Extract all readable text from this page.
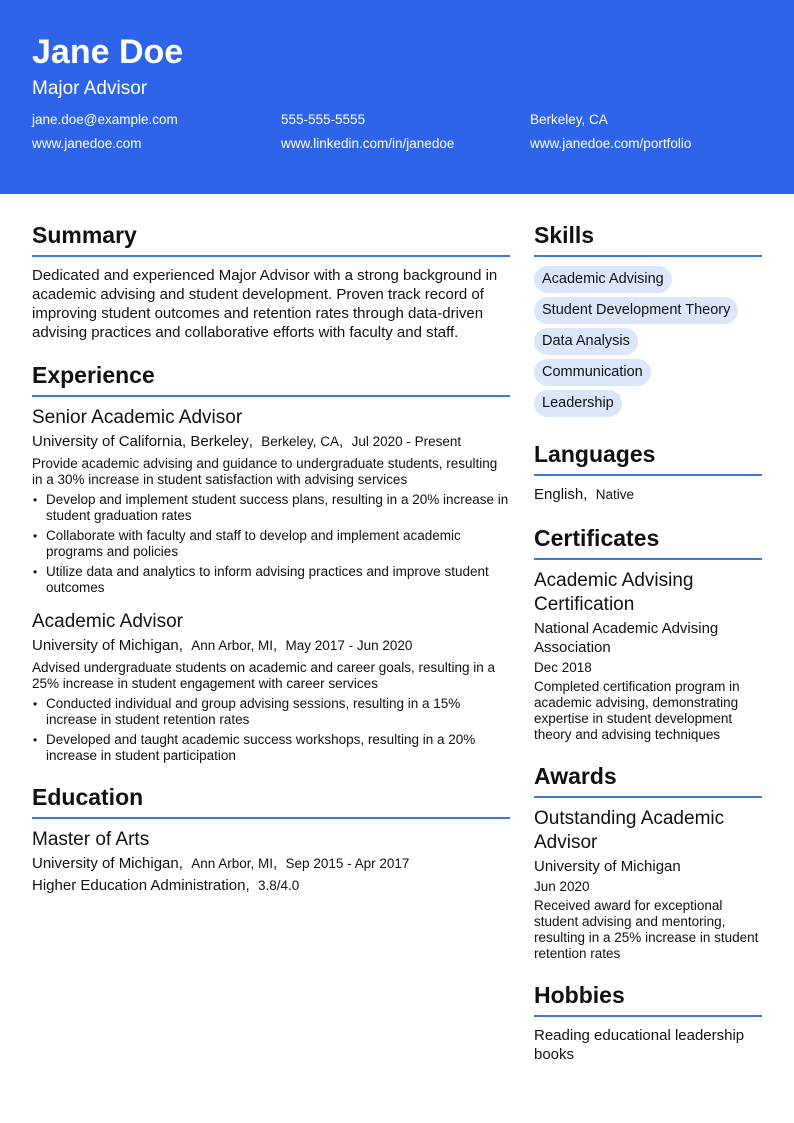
Jane Doe
Major Advisor
jane.doe@example.com	555-555-5555	Berkeley, CA
www.janedoe.com	www.linkedin.com/in/janedoe	www.janedoe.com/portfolio
Summary
Dedicated and experienced Major Advisor with a strong background in academic advising and student development. Proven track record of improving student outcomes and retention rates through data-driven advising practices and collaborative efforts with faculty and staff.
Experience
Senior Academic Advisor
University of California, Berkeley,  Berkeley, CA,  Jul 2020 - Present
Provide academic advising and guidance to undergraduate students, resulting in a 30% increase in student satisfaction with advising services
• Develop and implement student success plans, resulting in a 20% increase in student graduation rates
• Collaborate with faculty and staff to develop and implement academic programs and policies
• Utilize data and analytics to inform advising practices and improve student outcomes
Academic Advisor
University of Michigan,  Ann Arbor, MI,  May 2017 - Jun 2020
Advised undergraduate students on academic and career goals, resulting in a 25% increase in student engagement with career services
• Conducted individual and group advising sessions, resulting in a 15% increase in student retention rates
• Developed and taught academic success workshops, resulting in a 20% increase in student participation
Education
Master of Arts
University of Michigan,  Ann Arbor, MI,  Sep 2015 - Apr 2017
Higher Education Administration,  3.8/4.0
Skills
Academic Advising
Student Development Theory
Data Analysis
Communication
Leadership
Languages
English,  Native
Certificates
Academic Advising Certification
National Academic Advising Association
Dec 2018
Completed certification program in academic advising, demonstrating expertise in student development theory and advising techniques
Awards
Outstanding Academic Advisor
University of Michigan
Jun 2020
Received award for exceptional student advising and mentoring, resulting in a 25% increase in student retention rates
Hobbies
Reading educational leadership books
